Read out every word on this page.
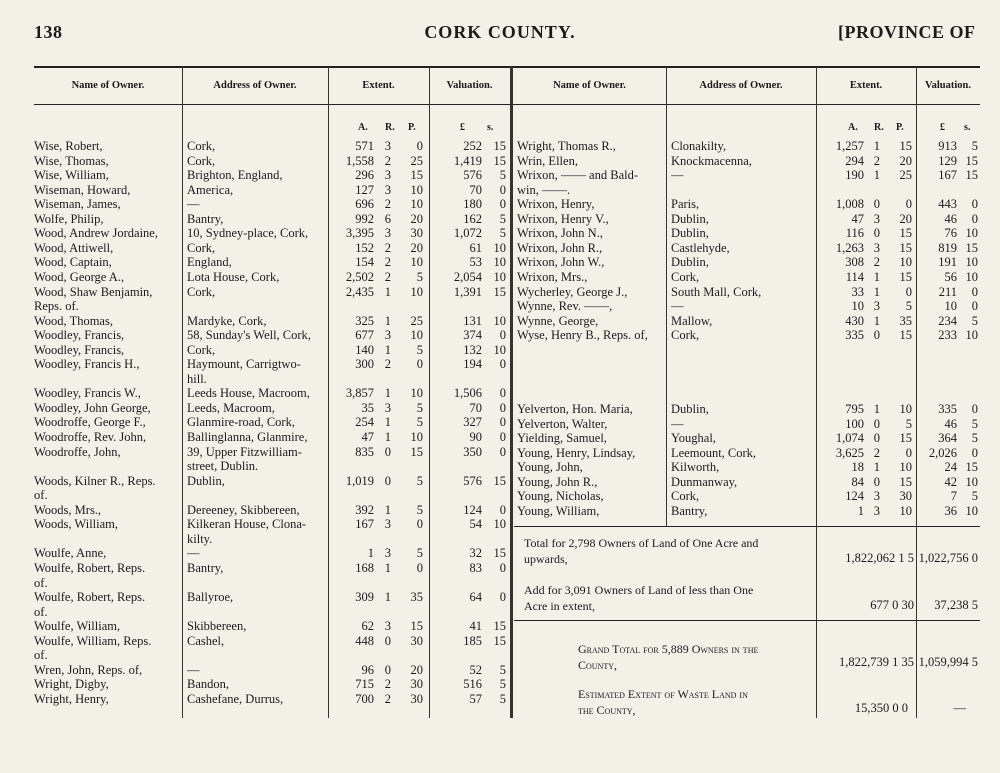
138	CORK COUNTY.	[PROVINCE OF
Name of Owner.	Address of Owner.	Extent.	Valuation.	Name of Owner.	Address of Owner.	Extent.	Valuation.
A. R. P.	£ s.	A. R. P.	£ s.
Wise, Robert,	Cork,	571 3	0	252 15
Wise, Thomas,	Cork,	1,558 2	25	1,419 15
Wise, William,	Brighton, England,	296 3	15	576	5
Wiseman, Howard,	America,	127 3	10	70	0
Wiseman, James,	—	696 2	10	180	0
Wolfe, Philip,	Bantry,	992 6	20	162	5
Wood, Andrew Jordaine,	10, Sydney-place, Cork,	3,395 3	30	1,072	5
Wood, Attiwell,	Cork,	152 2	20	61 10
Wood, Captain,	England,	154 2	10	53 10
Wood, George A.,	Lota House, Cork,	2,502 2	5	2,054 10
Wood, Shaw Benjamin,	Cork,	2,435 1	10	1,391 15
Reps. of.
Wood, Thomas,	Mardyke, Cork,	325 1	25	131 10
Woodley, Francis,	58, Sunday's Well, Cork,	677 3	10	374	0
Woodley, Francis,	Cork,	140 1	5	132 10
Woodley, Francis H.,	Haymount, Carrigtwo-	300 2	0	194	0
hill.
Woodley, Francis W.,	Leeds House, Macroom,	3,857 1	10	1,506	0
Woodley, John George,	Leeds, Macroom,	35 3	5	70	0
Woodroffe, George F.,	Glanmire-road, Cork,	254 1	5	327	0
Woodroffe, Rev. John,	Ballinglanna, Glanmire,	47 1	10	90	0
Woodroffe, John,	39, Upper Fitzwilliam-	835 0	15	350	0
street, Dublin.
Woods, Kilner R., Reps.	Dublin,	1,019 0	5	576 15
of.
Woods, Mrs.,	Dereeney, Skibbereen,	392 1	5	124	0
Woods, William,	Kilkeran House, Clona-	167 3	0	54 10
kilty.
Woulfe, Anne,	—	1 3	5	32 15
Woulfe, Robert, Reps.	Bantry,	168 1	0	83	0
of.
Woulfe, Robert, Reps.	Ballyroe,	309 1	35	64	0
of.
Woulfe, William,	Skibbereen,	62 3	15	41 15
Woulfe, William, Reps.	Cashel,	448 0	30	185 15
of.
Wren, John, Reps. of,	—	96 0	20	52	5
Wright, Digby,	Bandon,	715 2	30	516	5
Wright, Henry,	Cashefane, Durrus,	700 2	30	57	5
Wright, Thomas R.,	Clonakilty,	1,257 1	15	913	5
Wrin, Ellen,	Knockmacenna,	294 2	20	129 15
Wrixon, —— and Bald-	—	190 1	25	167 15
win, ——.
Wrixon, Henry,	Paris,	1,008 0	0	443	0
Wrixon, Henry V.,	Dublin,	47 3	20	46	0
Wrixon, John N.,	Dublin,	116 0	15	76 10
Wrixon, John R.,	Castlehyde,	1,263 3	15	819 15
Wrixon, John W.,	Dublin,	308 2	10	191 10
Wrixon, Mrs.,	Cork,	114 1	15	56 10
Wycherley, George J.,	South Mall, Cork,	33 1	0	211	0
Wynne, Rev. ——,	—	10 3	5	10	0
Wynne, George,	Mallow,	430 1	35	234	5
Wyse, Henry B., Reps. of,	Cork,	335 0	15	233 10
Yelverton, Hon. Maria,	Dublin,	795 1	10	335	0
Yelverton, Walter,	—	100 0	5	46	5
Yielding, Samuel,	Youghal,	1,074 0	15	364	5
Young, Henry, Lindsay,	Leemount, Cork,	3,625 2	0	2,026	0
Young, John,	Kilworth,	18 1	10	24 15
Young, John R.,	Dunmanway,	84 0	15	42 10
Young, Nicholas,	Cork,	124 3	30	7	5
Young, William,	Bantry,	1 3	10	36 10
Total for 2,798 Owners of Land of One Acre and
upwards,	1,822,062 1 5 1,022,756 0
Add for 3,091 Owners of Land of less than One
Acre in extent,	677 0 30	37,238 5
Grand Total for 5,889 Owners in the
County,	1,822,739 1 35 1,059,994 5
Estimated Extent of Waste Land in
the County,	15,350 0 0	—
